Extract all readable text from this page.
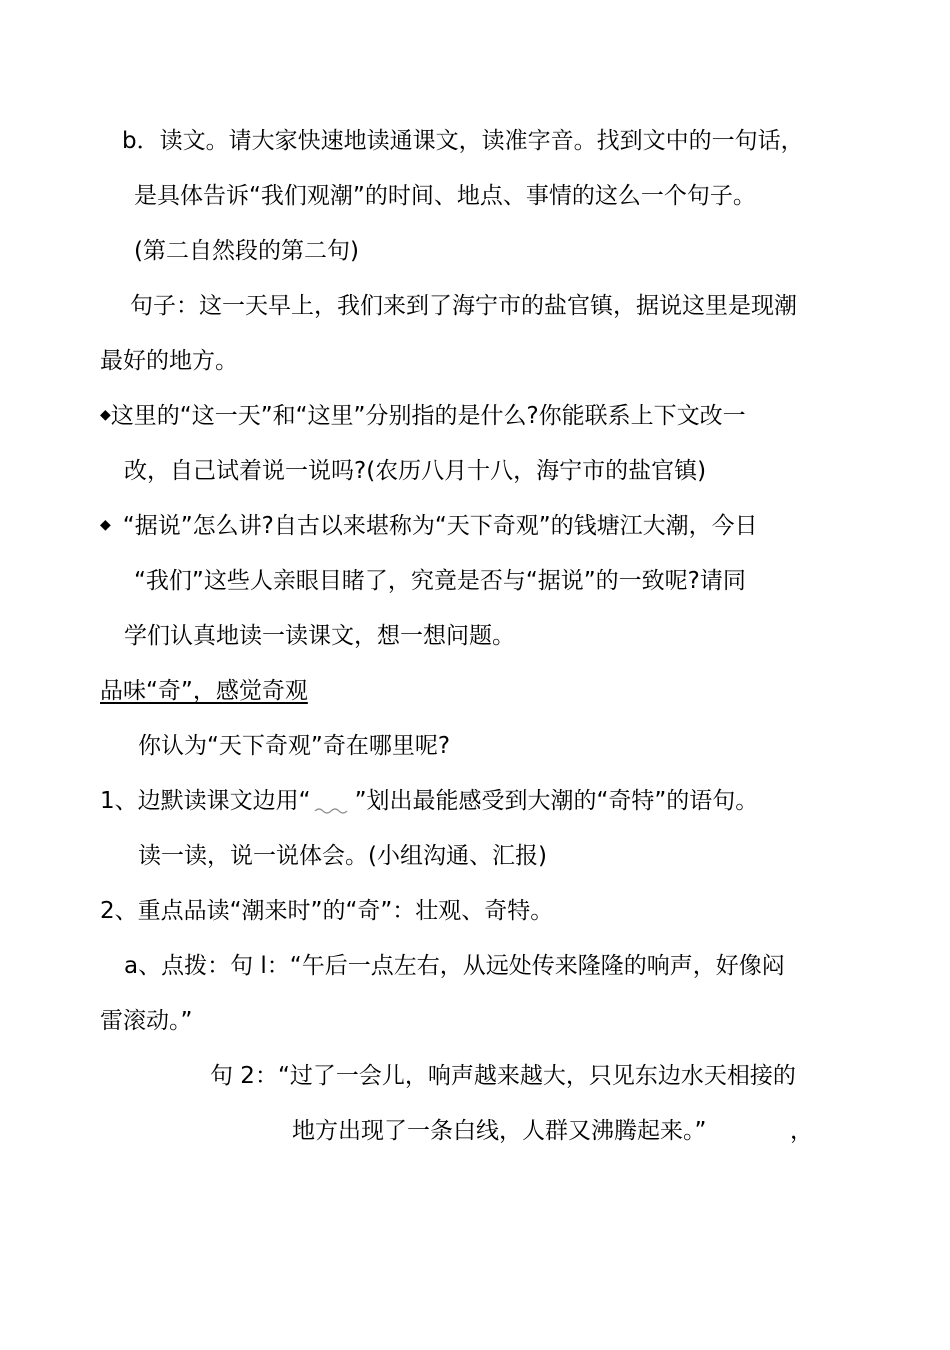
b．读文。请大家快速地读通课文，读准字音。找到文中的一句话，
是具体告诉“我们观潮”的时间、地点、事情的这么一个句子。
(第二自然段的第二句)
句子：这一天早上，我们来到了海宁市的盐官镇，据说这里是现潮
最好的地方。
◆这里的“这一天”和“这里”分别指的是什么?你能联系上下文改一
改，自己试着说一说吗?(农历八月十八，海宁市的盐官镇)
◆ “据说”怎么讲?自古以来堪称为“天下奇观”的钱塘江大潮，今日
“我们”这些人亲眼目睹了，究竟是否与“据说”的一致呢?请同
学们认真地读一读课文，想一想问题。
品味“奇”，感觉奇观
你认为“天下奇观”奇在哪里呢?
1、边默读课文边用“ ”划出最能感受到大潮的“奇特”的语句。
读一读，说一说体会。(小组沟通、汇报)
2、重点品读“潮来时”的“奇”：壮观、奇特。
a、点拨：句 l：“午后一点左右，从远处传来隆隆的响声，好像闷
雷滚动。”
句 2：“过了一会儿，响声越来越大，只见东边水天相接的
地方出现了一条白线，人群又沸腾起来。”	，
